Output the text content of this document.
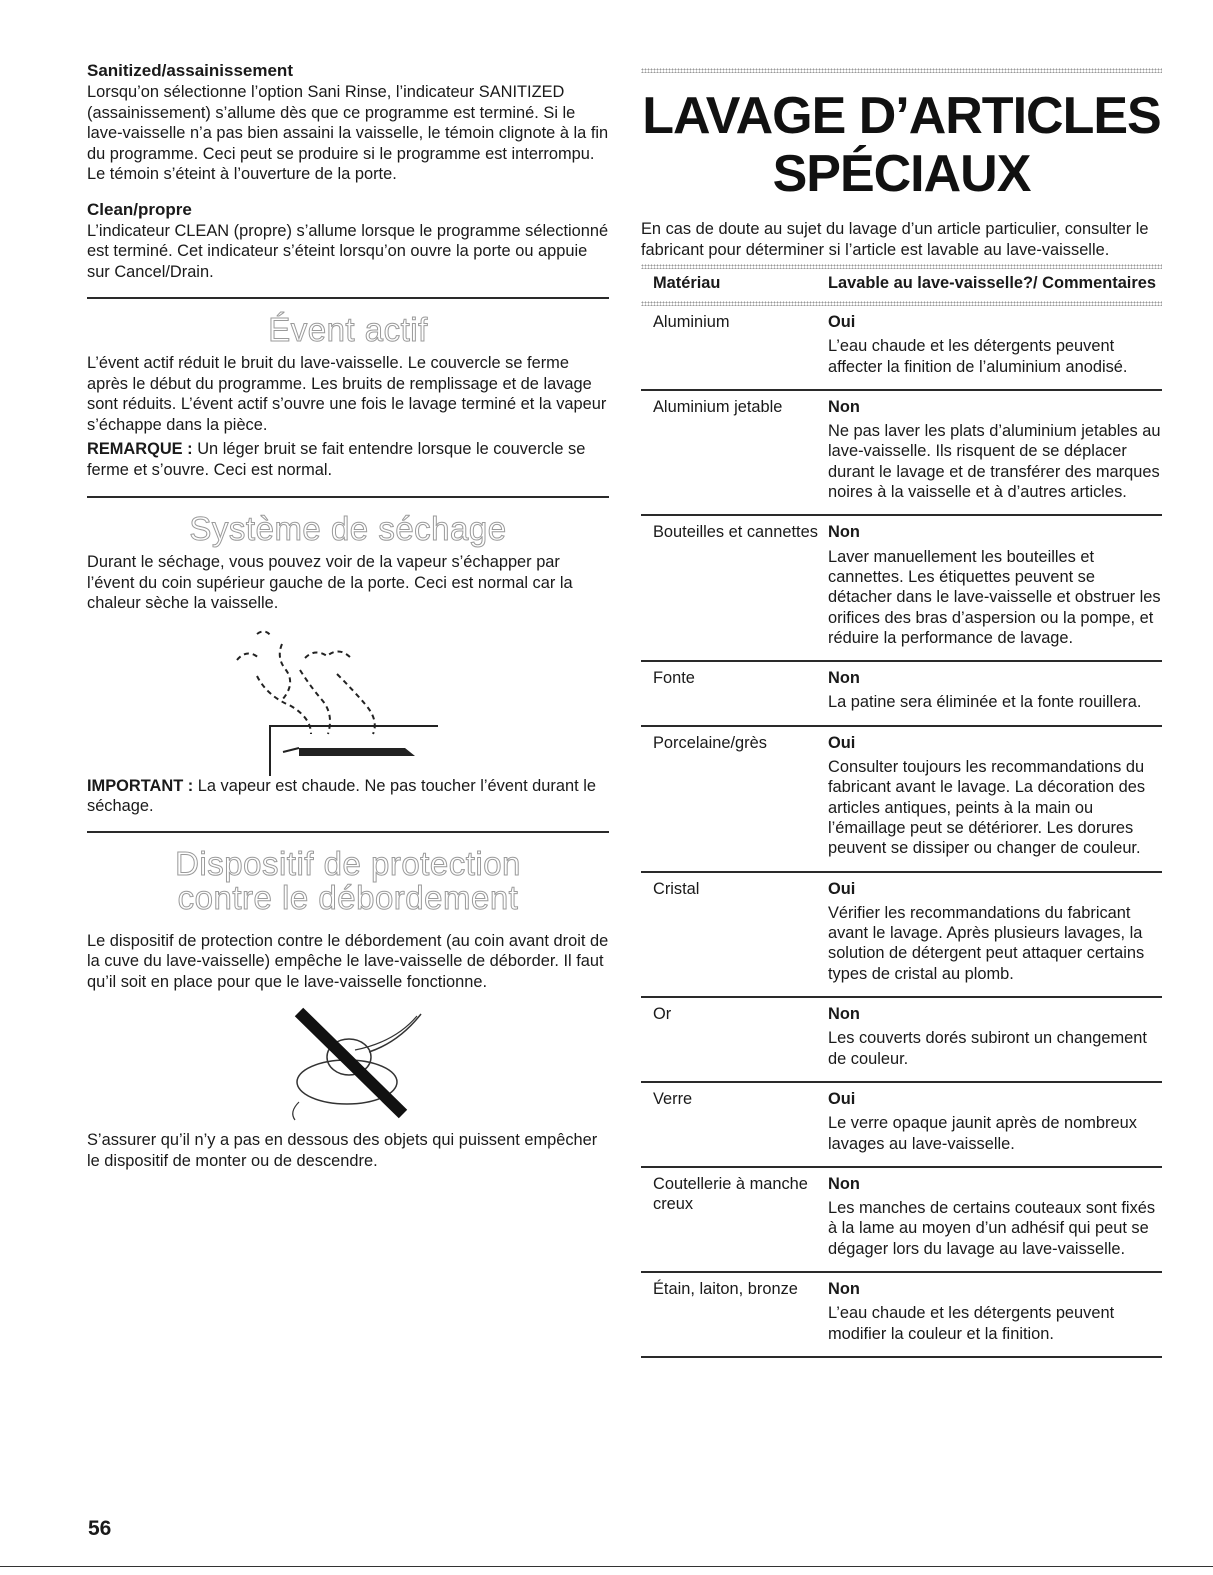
Sanitized/assainissement

Lorsqu’on sélectionne l’option Sani Rinse, l’indicateur SANITIZED (assainissement) s’allume dès que ce programme est terminé. Si le lave-vaisselle n’a pas bien assaini la vaisselle, le témoin clignote à la fin du programme. Ceci peut se produire si le programme est interrompu. Le témoin s’éteint à l’ouverture de la porte.

Clean/propre

L’indicateur CLEAN (propre) s’allume lorsque le programme sélectionné est terminé. Cet indicateur s’éteint lorsqu’on ouvre la porte ou appuie sur Cancel/Drain.

Évent actif

L’évent actif réduit le bruit du lave-vaisselle. Le couvercle se ferme après le début du programme. Les bruits de remplissage et de lavage sont réduits. L’évent actif s’ouvre une fois le lavage terminé et la vapeur s’échappe dans la pièce.

REMARQUE : Un léger bruit se fait entendre lorsque le couvercle se ferme et s’ouvre. Ceci est normal.

Système de séchage

Durant le séchage, vous pouvez voir de la vapeur s’échapper par l’évent du coin supérieur gauche de la porte. Ceci est normal car la chaleur sèche la vaisselle.

IMPORTANT : La vapeur est chaude. Ne pas toucher l’évent durant le séchage.

Dispositif de protection
contre le débordement

Le dispositif de protection contre le débordement (au coin avant droit de la cuve du lave-vaisselle) empêche le lave-vaisselle de déborder. Il faut qu’il soit en place pour que le lave-vaisselle fonctionne.

S’assurer qu’il n’y a pas en dessous des objets qui puissent empêcher le dispositif de monter ou de descendre.

LAVAGE D’ARTICLES
SPÉCIAUX

En cas de doute au sujet du lavage d’un article particulier, consulter le fabricant pour déterminer si l’article est lavable au lave-vaisselle.

Matériau	Lavable au lave-vaisselle?/ Commentaires

Aluminium	Oui
L’eau chaude et les détergents peuvent affecter la finition de l’aluminium anodisé.
Aluminium jetable	Non
Ne pas laver les plats d’aluminium jetables au lave-vaisselle. Ils risquent de se déplacer durant le lavage et de transférer des marques noires à la vaisselle et à d’autres articles.
Bouteilles et cannettes	Non
Laver manuellement les bouteilles et cannettes. Les étiquettes peuvent se détacher dans le lave-vaisselle et obstruer les orifices des bras d’aspersion ou la pompe, et réduire la performance de lavage.
Fonte	Non
La patine sera éliminée et la fonte rouillera.
Porcelaine/grès	Oui
Consulter toujours les recommandations du fabricant avant le lavage. La décoration des articles antiques, peints à la main ou l’émaillage peut se détériorer. Les dorures peuvent se dissiper ou changer de couleur.
Cristal	Oui
Vérifier les recommandations du fabricant avant le lavage. Après plusieurs lavages, la solution de détergent peut attaquer certains types de cristal au plomb.
Or	Non
Les couverts dorés subiront un changement de couleur.
Verre	Oui
Le verre opaque jaunit après de nombreux lavages au lave-vaisselle.
Coutellerie à manche creux	Non
Les manches de certains couteaux sont fixés à la lame au moyen d’un adhésif qui peut se dégager lors du lavage au lave-vaisselle.
Étain, laiton, bronze	Non
L’eau chaude et les détergents peuvent modifier la couleur et la finition.
56
